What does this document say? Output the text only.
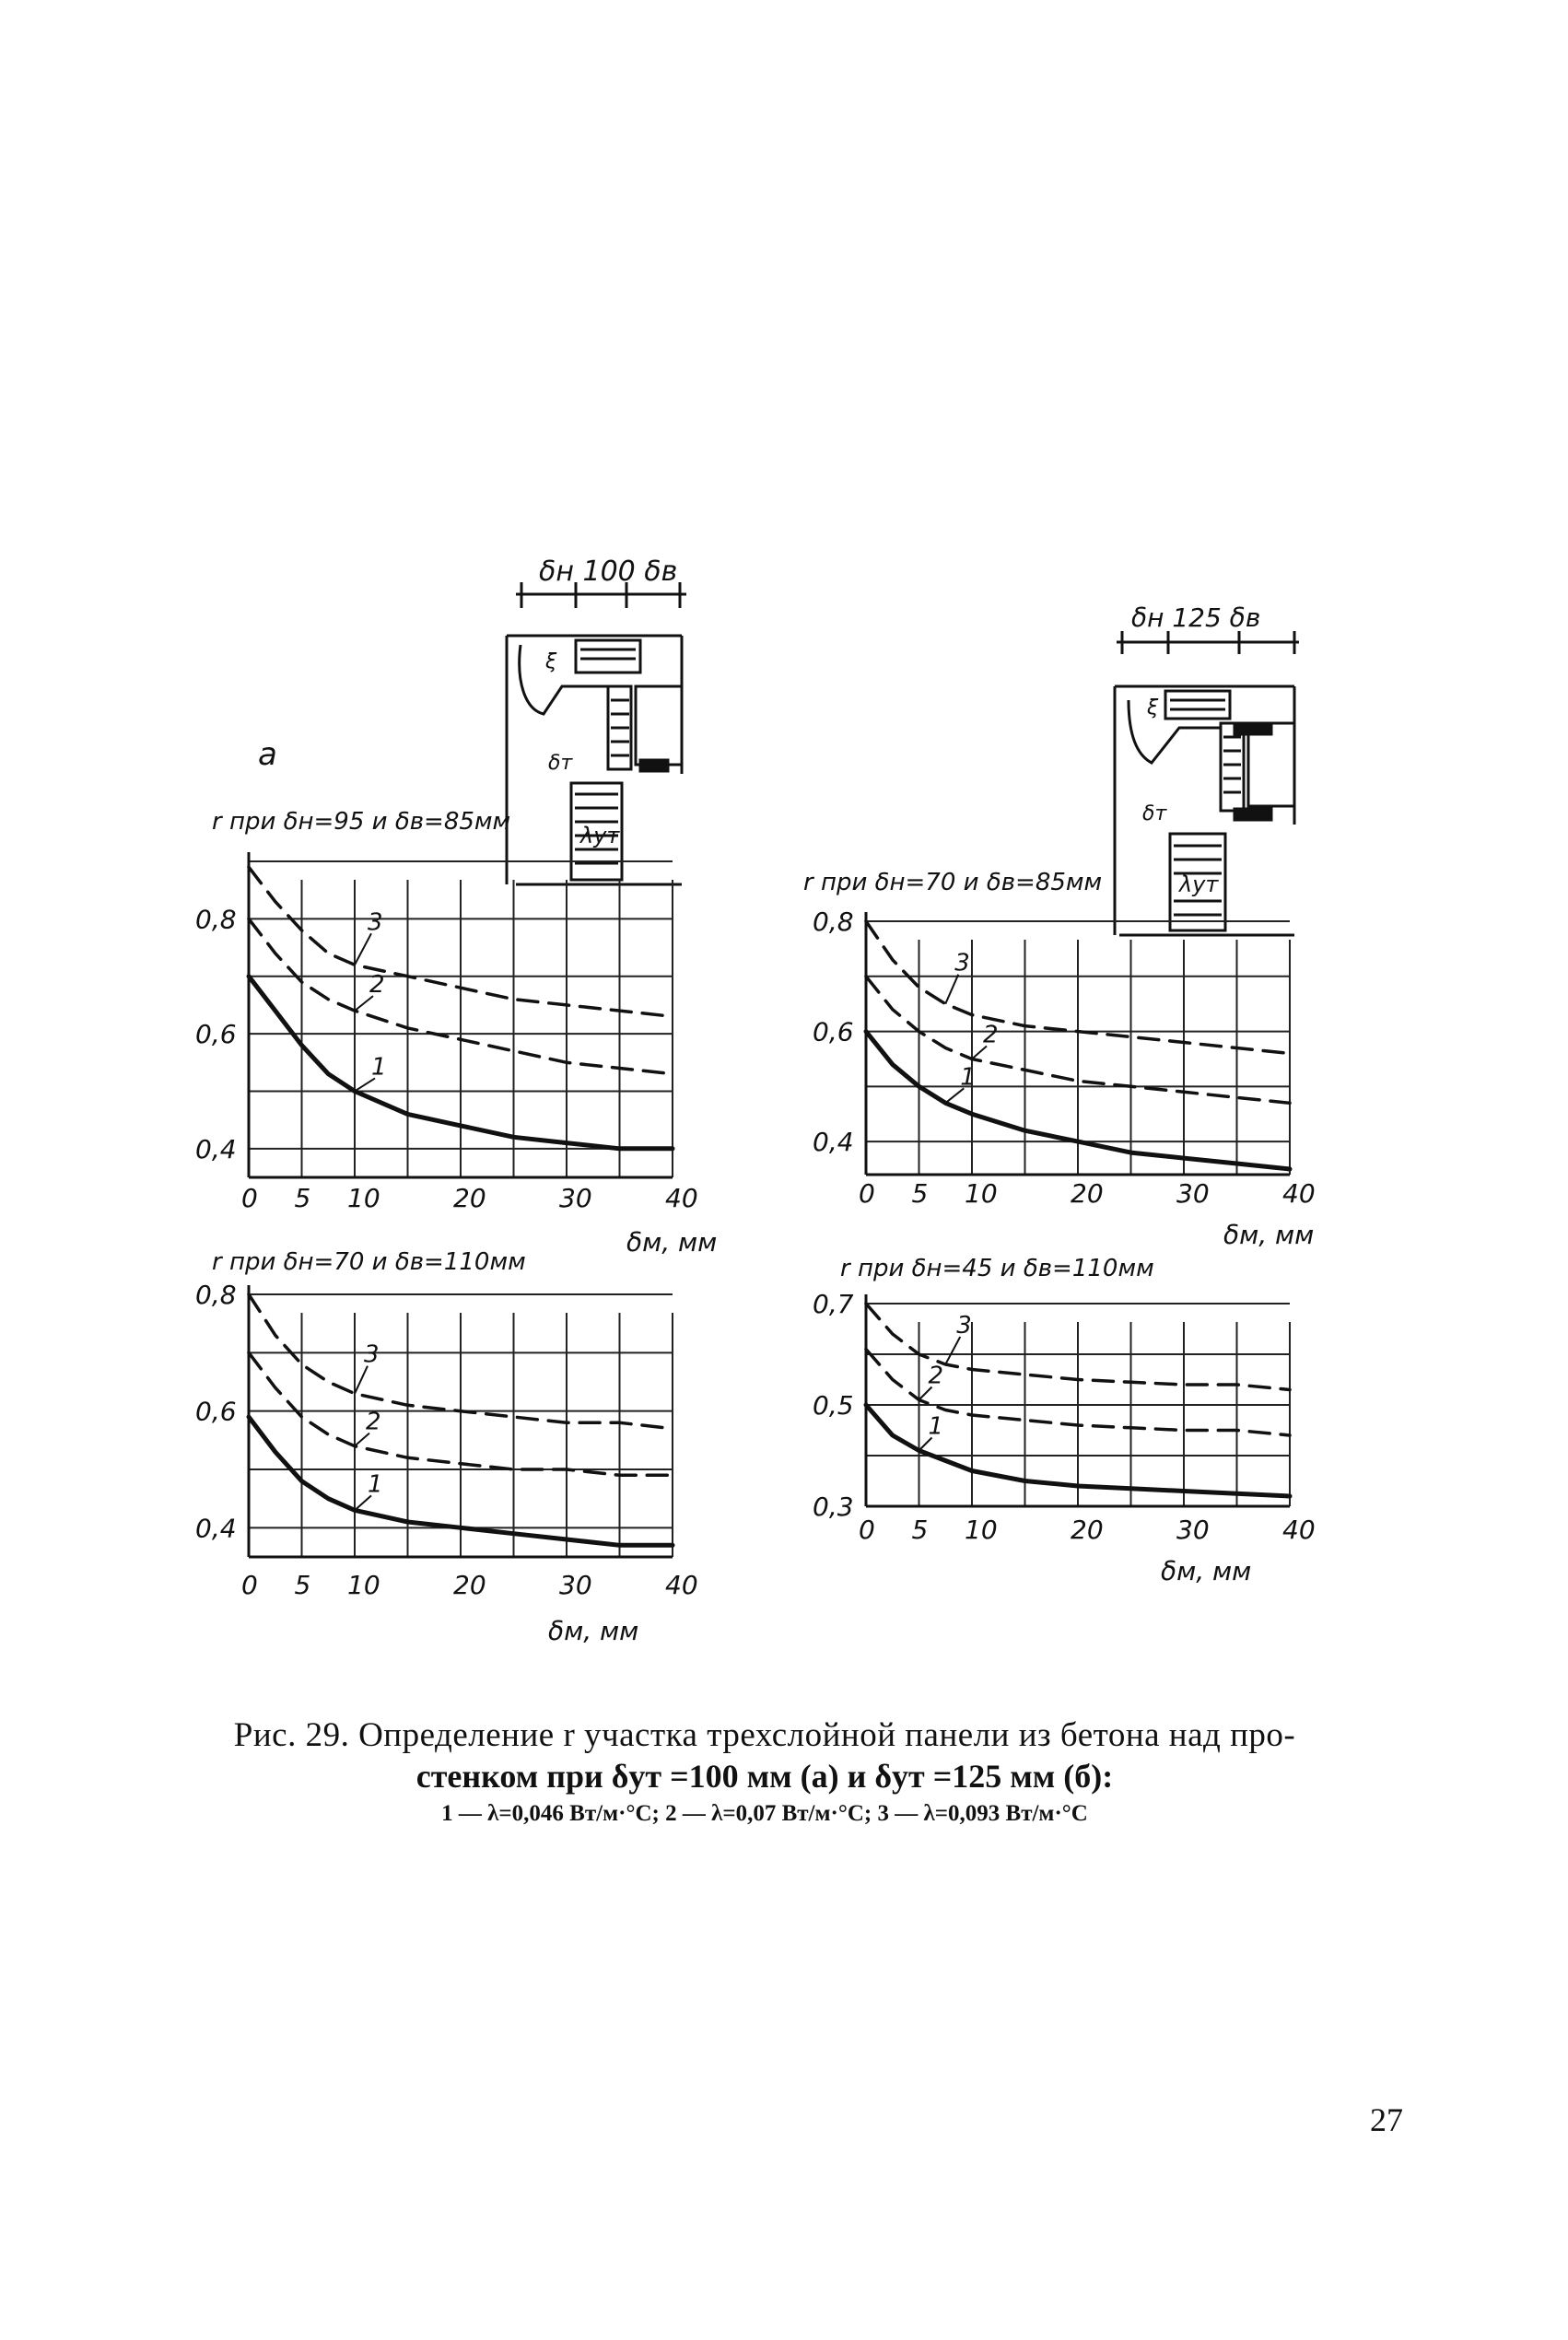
δн 100 δв
ξ
δт
λут
δн 125 δв
ξ
δт
λут
а
1
2
3
0,4
0,6
0,8
0 5 10	20	30	40
r при δн=95 и δв=85мм
δм, мм
1
2
3
0,4
0,6
0,8
0 5 10	20	30	40
r при δн=70 и δв=110мм
δм, мм
1
2
3
0,4
0,6
0,8
0 5 10	20	30	40
r при δн=70 и δв=85мм
δм, мм
1
2
3
0,3
0,5
0,7
0 5 10	20	30	40
r при δн=45 и δв=110мм
δм, мм
Рис. 29. Определение r участка трехслойной панели из бетона над про-
стенком при δут =100 мм (а) и δут =125 мм (б):
1 — λ=0,046 Вт/м·°С; 2 — λ=0,07 Вт/м·°С; 3 — λ=0,093 Вт/м·°С
27
